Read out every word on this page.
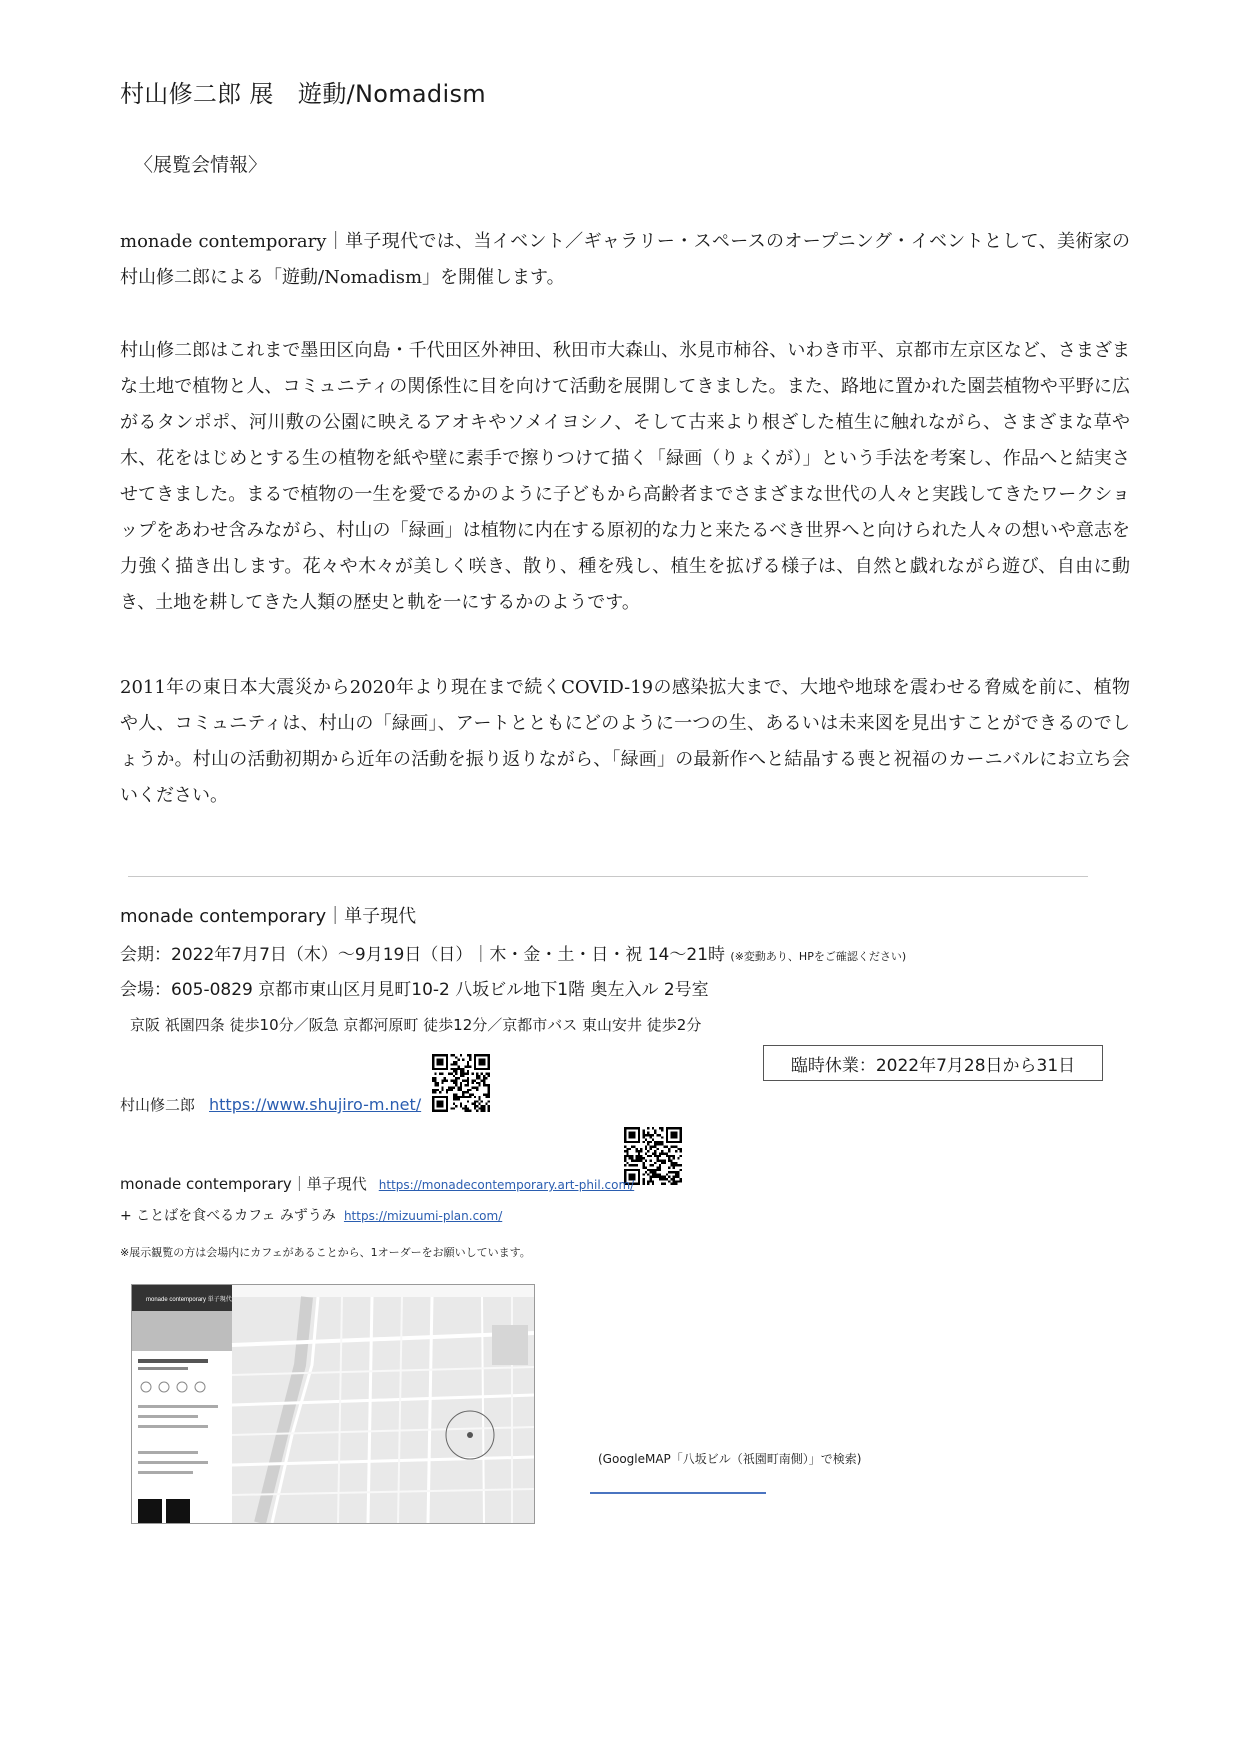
村山修二郎 展　遊動/Nomadism
〈展覧会情報〉

monade contemporary｜単子現代では、当イベント／ギャラリー・スペースのオープニング・イベントとして、美術家の村山修二郎による「遊動/Nomadism」を開催します。

村山修二郎はこれまで墨田区向島・千代田区外神田、秋田市大森山、氷見市柿谷、いわき市平、京都市左京区など、さまざまな土地で植物と人、コミュニティの関係性に目を向けて活動を展開してきました。また、路地に置かれた園芸植物や平野に広がるタンポポ、河川敷の公園に映えるアオキやソメイヨシノ、そして古来より根ざした植生に触れながら、さまざまな草や木、花をはじめとする生の植物を紙や壁に素手で擦りつけて描く「緑画（りょくが）」という手法を考案し、作品へと結実させてきました。まるで植物の一生を愛でるかのように子どもから高齢者までさまざまな世代の人々と実践してきたワークショップをあわせ含みながら、村山の「緑画」は植物に内在する原初的な力と来たるべき世界へと向けられた人々の想いや意志を力強く描き出します。花々や木々が美しく咲き、散り、種を残し、植生を拡げる様子は、自然と戯れながら遊び、自由に動き、土地を耕してきた人類の歴史と軌を一にするかのようです。

2011年の東日本大震災から2020年より現在まで続くCOVID-19の感染拡大まで、大地や地球を震わせる脅威を前に、植物や人、コミュニティは、村山の「緑画」、アートとともにどのように一つの生、あるいは未来図を見出すことができるのでしょうか。村山の活動初期から近年の活動を振り返りながら、「緑画」の最新作へと結晶する喪と祝福のカーニバルにお立ち会いください。

monade contemporary｜単子現代
会期：2022年7月7日（木）〜9月19日（日）｜木・金・土・日・祝 14〜21時 (※変動あり、HPをご確認ください)
会場：605-0829 京都市東山区月見町10-2 八坂ビル地下1階 奥左入ル 2号室
京阪 祇園四条 徒歩10分／阪急 京都河原町 徒歩12分／京都市バス 東山安井 徒歩2分
臨時休業：2022年7月28日から31日
村山修二郎 https://www.shujiro-m.net/
monade contemporary｜単子現代 https://monadecontemporary.art-phil.com/
+ ことばを食べるカフェ みずうみ https://mizuumi-plan.com/
※展示観覧の方は会場内にカフェがあることから、1オーダーをお願いしています。
monade contemporary 単子現代
(GoogleMAP「八坂ビル（祇園町南側）」で検索)
